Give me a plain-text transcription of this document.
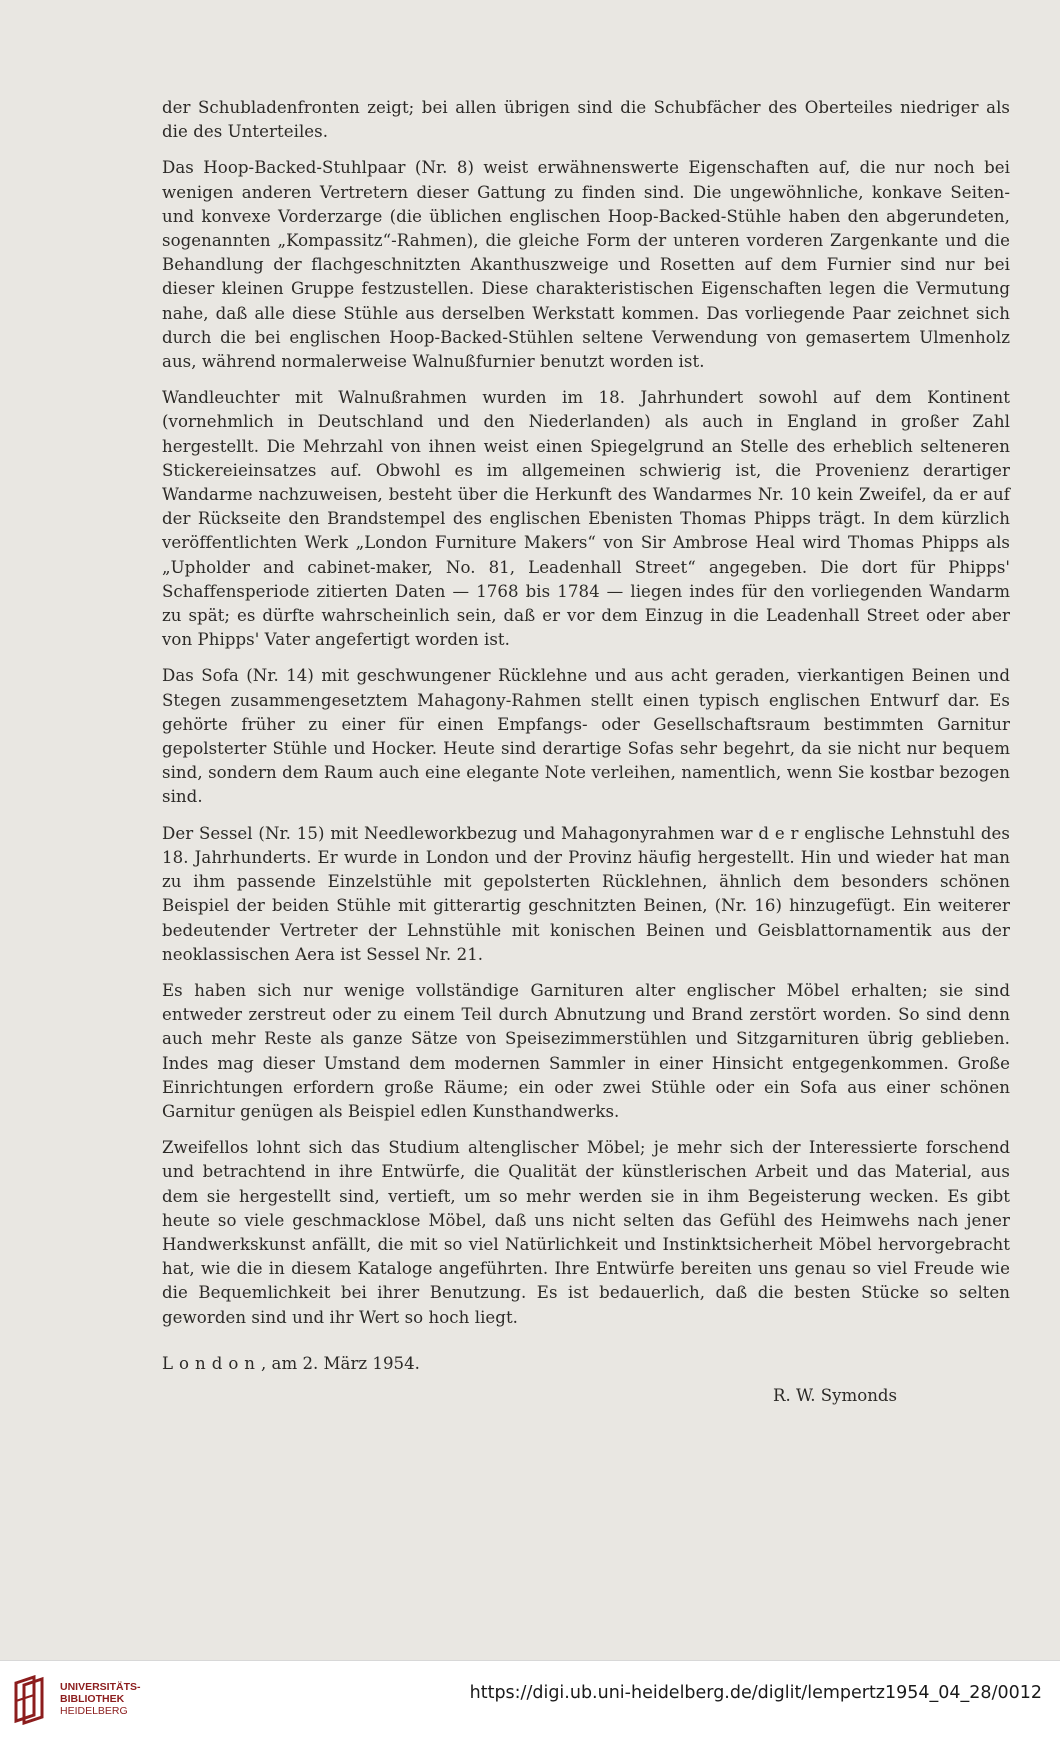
der Schubladenfronten zeigt; bei allen übrigen sind die Schubfächer des Oberteiles niedriger als die des Unterteiles.

Das Hoop-Backed-Stuhlpaar (Nr. 8) weist erwähnenswerte Eigenschaften auf, die nur noch bei wenigen anderen Vertretern dieser Gattung zu finden sind. Die ungewöhnliche, konkave Seiten- und konvexe Vorderzarge (die üblichen englischen Hoop-Backed-Stühle haben den abgerundeten, sogenannten „Kompassitz“-Rahmen), die gleiche Form der unteren vorderen Zargenkante und die Behandlung der flachgeschnitzten Akanthuszweige und Rosetten auf dem Furnier sind nur bei dieser kleinen Gruppe festzustellen. Diese charakteristischen Eigenschaften legen die Vermutung nahe, daß alle diese Stühle aus derselben Werkstatt kommen. Das vorliegende Paar zeichnet sich durch die bei englischen Hoop-Backed-Stühlen seltene Verwendung von gemasertem Ulmenholz aus, während normalerweise Walnußfurnier benutzt worden ist.

Wandleuchter mit Walnußrahmen wurden im 18. Jahrhundert sowohl auf dem Kontinent (vornehmlich in Deutschland und den Niederlanden) als auch in England in großer Zahl hergestellt. Die Mehrzahl von ihnen weist einen Spiegelgrund an Stelle des erheblich selteneren Stickereieinsatzes auf. Obwohl es im allgemeinen schwierig ist, die Provenienz derartiger Wandarme nachzuweisen, besteht über die Herkunft des Wandarmes Nr. 10 kein Zweifel, da er auf der Rückseite den Brandstempel des englischen Ebenisten Thomas Phipps trägt. In dem kürzlich veröffentlichten Werk „London Furniture Makers“ von Sir Ambrose Heal wird Thomas Phipps als „Upholder and cabinet-maker, No. 81, Leadenhall Street“ angegeben. Die dort für Phipps' Schaffensperiode zitierten Daten — 1768 bis 1784 — liegen indes für den vorliegenden Wandarm zu spät; es dürfte wahrscheinlich sein, daß er vor dem Einzug in die Leadenhall Street oder aber von Phipps' Vater angefertigt worden ist.

Das Sofa (Nr. 14) mit geschwungener Rücklehne und aus acht geraden, vierkantigen Beinen und Stegen zusammengesetztem Mahagony-Rahmen stellt einen typisch englischen Entwurf dar. Es gehörte früher zu einer für einen Empfangs- oder Gesellschaftsraum bestimmten Garnitur gepolsterter Stühle und Hocker. Heute sind derartige Sofas sehr begehrt, da sie nicht nur bequem sind, sondern dem Raum auch eine elegante Note verleihen, namentlich, wenn Sie kostbar bezogen sind.

Der Sessel (Nr. 15) mit Needleworkbezug und Mahagonyrahmen war d e r englische Lehnstuhl des 18. Jahrhunderts. Er wurde in London und der Provinz häufig hergestellt. Hin und wieder hat man zu ihm passende Einzelstühle mit gepolsterten Rücklehnen, ähnlich dem besonders schönen Beispiel der beiden Stühle mit gitterartig geschnitzten Beinen, (Nr. 16) hinzugefügt. Ein weiterer bedeutender Vertreter der Lehnstühle mit konischen Beinen und Geisblattornamentik aus der neoklassischen Aera ist Sessel Nr. 21.

Es haben sich nur wenige vollständige Garnituren alter englischer Möbel erhalten; sie sind entweder zerstreut oder zu einem Teil durch Abnutzung und Brand zerstört worden. So sind denn auch mehr Reste als ganze Sätze von Speisezimmerstühlen und Sitzgarnituren übrig geblieben. Indes mag dieser Umstand dem modernen Sammler in einer Hinsicht entgegenkommen. Große Einrichtungen erfordern große Räume; ein oder zwei Stühle oder ein Sofa aus einer schönen Garnitur genügen als Beispiel edlen Kunsthandwerks.

Zweifellos lohnt sich das Studium altenglischer Möbel; je mehr sich der Interessierte forschend und betrachtend in ihre Entwürfe, die Qualität der künstlerischen Arbeit und das Material, aus dem sie hergestellt sind, vertieft, um so mehr werden sie in ihm Begeisterung wecken. Es gibt heute so viele geschmacklose Möbel, daß uns nicht selten das Gefühl des Heimwehs nach jener Handwerkskunst anfällt, die mit so viel Natürlichkeit und Instinktsicherheit Möbel hervorgebracht hat, wie die in diesem Kataloge angeführten. Ihre Entwürfe bereiten uns genau so viel Freude wie die Bequemlichkeit bei ihrer Benutzung. Es ist bedauerlich, daß die besten Stücke so selten geworden sind und ihr Wert so hoch liegt.

London, am 2. März 1954.
R. W. Symonds
UNIVERSITÄTS-
BIBLIOTHEK
HEIDELBERG
https://digi.ub.uni-heidelberg.de/diglit/lempertz1954_04_28/0012
